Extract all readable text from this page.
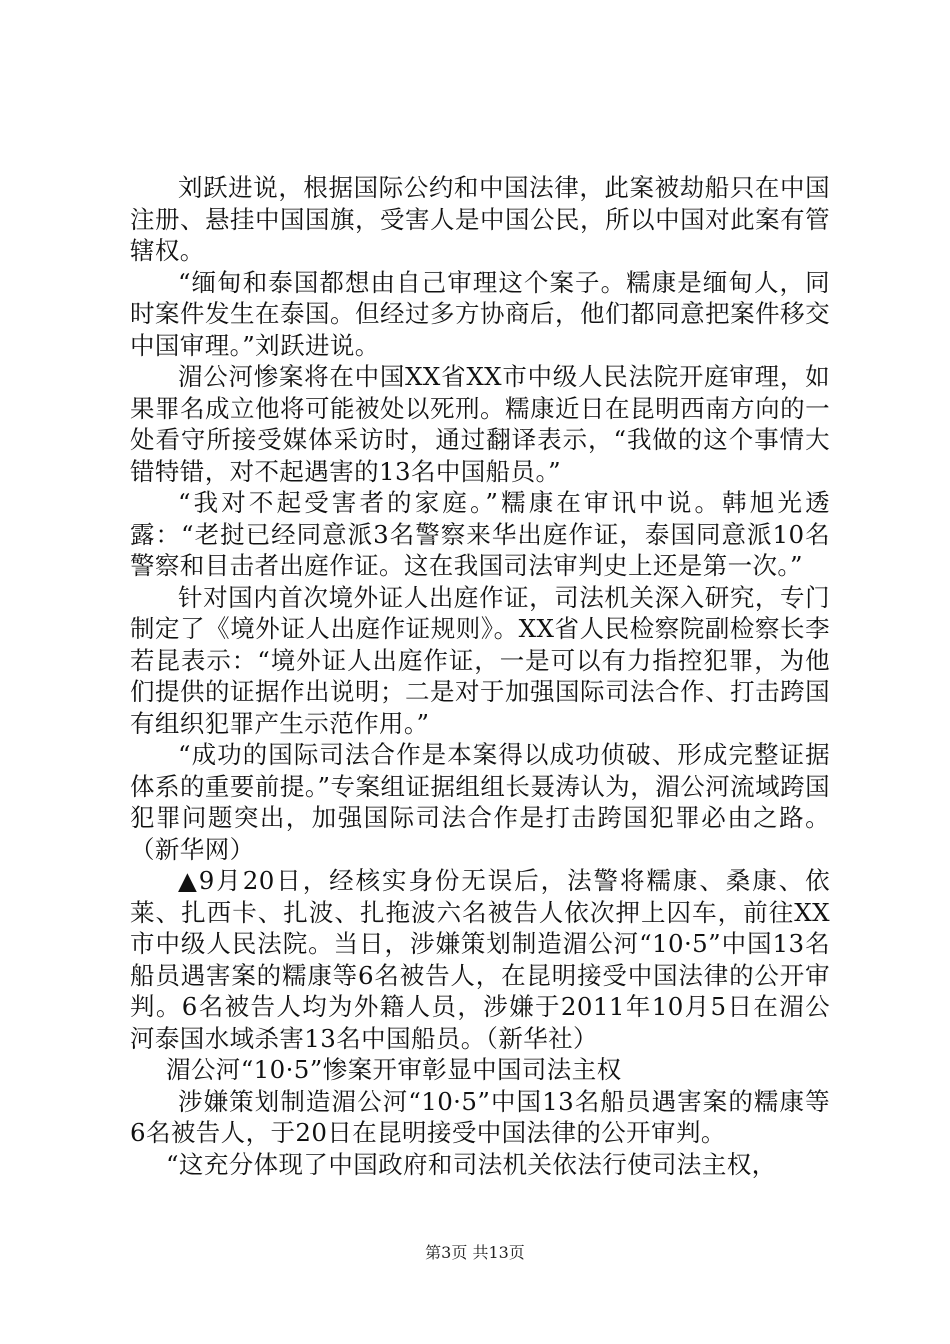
刘跃进说，根据国际公约和中国法律，此案被劫船只在中国注册、悬挂中国国旗，受害人是中国公民，所以中国对此案有管辖权。

“缅甸和泰国都想由自己审理这个案子。糯康是缅甸人，同时案件发生在泰国。但经过多方协商后，他们都同意把案件移交中国审理。”刘跃进说。

湄公河惨案将在中国XX省XX市中级人民法院开庭审理，如果罪名成立他将可能被处以死刑。糯康近日在昆明西南方向的一处看守所接受媒体采访时，通过翻译表示，“我做的这个事情大错特错，对不起遇害的13名中国船员。”

“我对不起受害者的家庭。”糯康在审讯中说。韩旭光透露：“老挝已经同意派3名警察来华出庭作证，泰国同意派10名警察和目击者出庭作证。这在我国司法审判史上还是第一次。”

针对国内首次境外证人出庭作证，司法机关深入研究，专门制定了《境外证人出庭作证规则》。XX省人民检察院副检察长李若昆表示：“境外证人出庭作证，一是可以有力指控犯罪，为他们提供的证据作出说明；二是对于加强国际司法合作、打击跨国有组织犯罪产生示范作用。”

“成功的国际司法合作是本案得以成功侦破、形成完整证据体系的重要前提。”专案组证据组组长聂涛认为，湄公河流域跨国犯罪问题突出，加强国际司法合作是打击跨国犯罪必由之路。（新华网）

▲9月20日，经核实身份无误后，法警将糯康、桑康、依莱、扎西卡、扎波、扎拖波六名被告人依次押上囚车，前往XX市中级人民法院。当日，涉嫌策划制造湄公河“10·5”中国13名船员遇害案的糯康等6名被告人，在昆明接受中国法律的公开审判。6名被告人均为外籍人员，涉嫌于2011年10月5日在湄公河泰国水域杀害13名中国船员。（新华社）

湄公河“10·5”惨案开审彰显中国司法主权

涉嫌策划制造湄公河“10·5”中国13名船员遇害案的糯康等6名被告人，于20日在昆明接受中国法律的公开审判。

“这充分体现了中国政府和司法机关依法行使司法主权，

第3页 共13页
